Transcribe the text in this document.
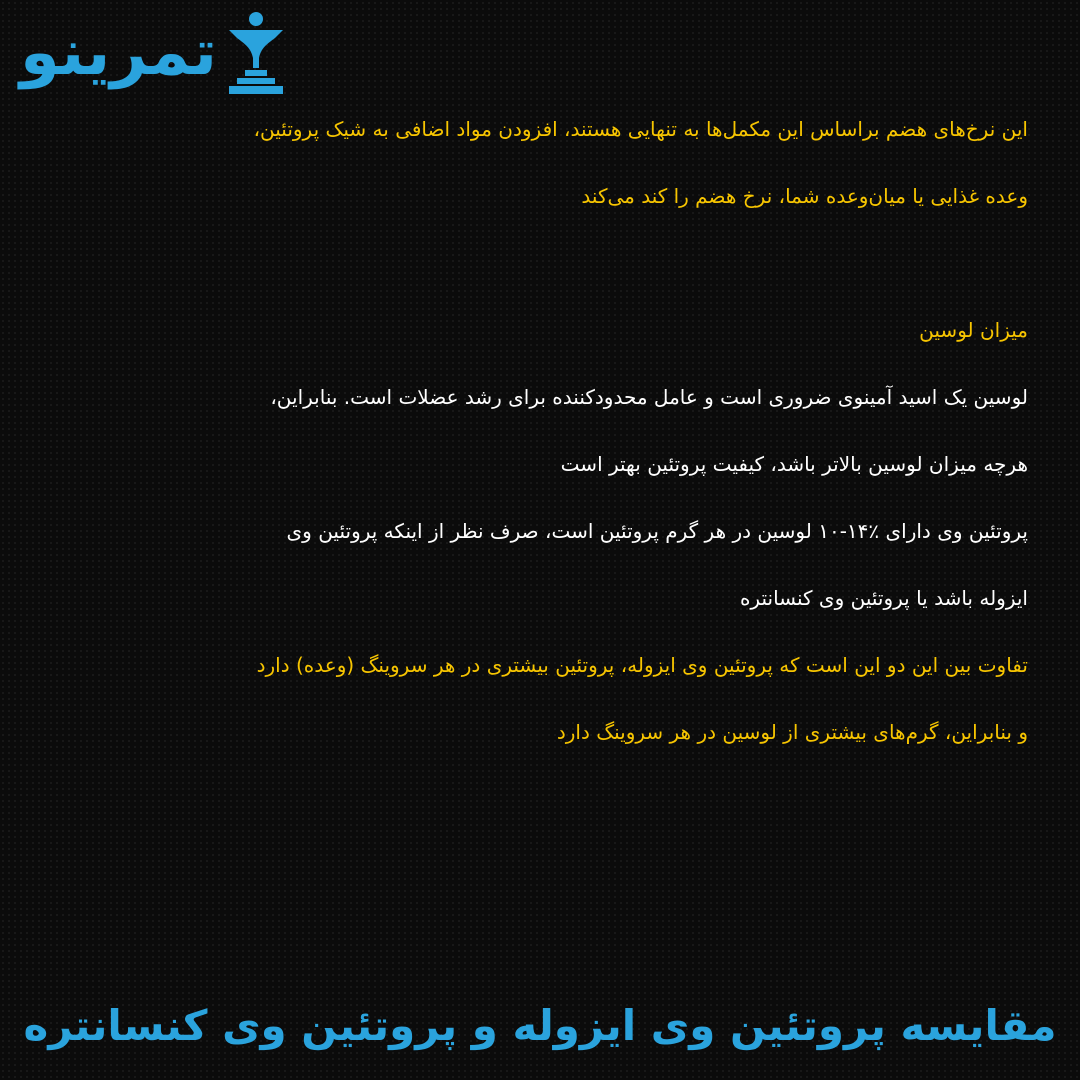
تمرینو
این نرخ‌های هضم براساس این مکمل‌ها به تنهایی هستند، افزودن مواد اضافی به شیک پروتئین،
وعده غذایی یا میان‌وعده شما، نرخ هضم را کند می‌کند
میزان لوسین
لوسین یک اسید آمینوی ضروری است و عامل محدودکننده برای رشد عضلات است. بنابراین،
هرچه میزان لوسین بالاتر باشد، کیفیت پروتئین بهتر است
پروتئین وی دارای ٪۱۴-۱۰ لوسین در هر گرم پروتئین است، صرف نظر از اینکه پروتئین وی
ایزوله باشد یا پروتئین وی کنسانتره
تفاوت بین این دو این است که پروتئین وی ایزوله، پروتئین بیشتری در هر سروینگ (وعده) دارد
و بنابراین، گرم‌های بیشتری از لوسین در هر سروینگ دارد
مقایسه پروتئین وی ایزوله و پروتئین وی کنسانتره
